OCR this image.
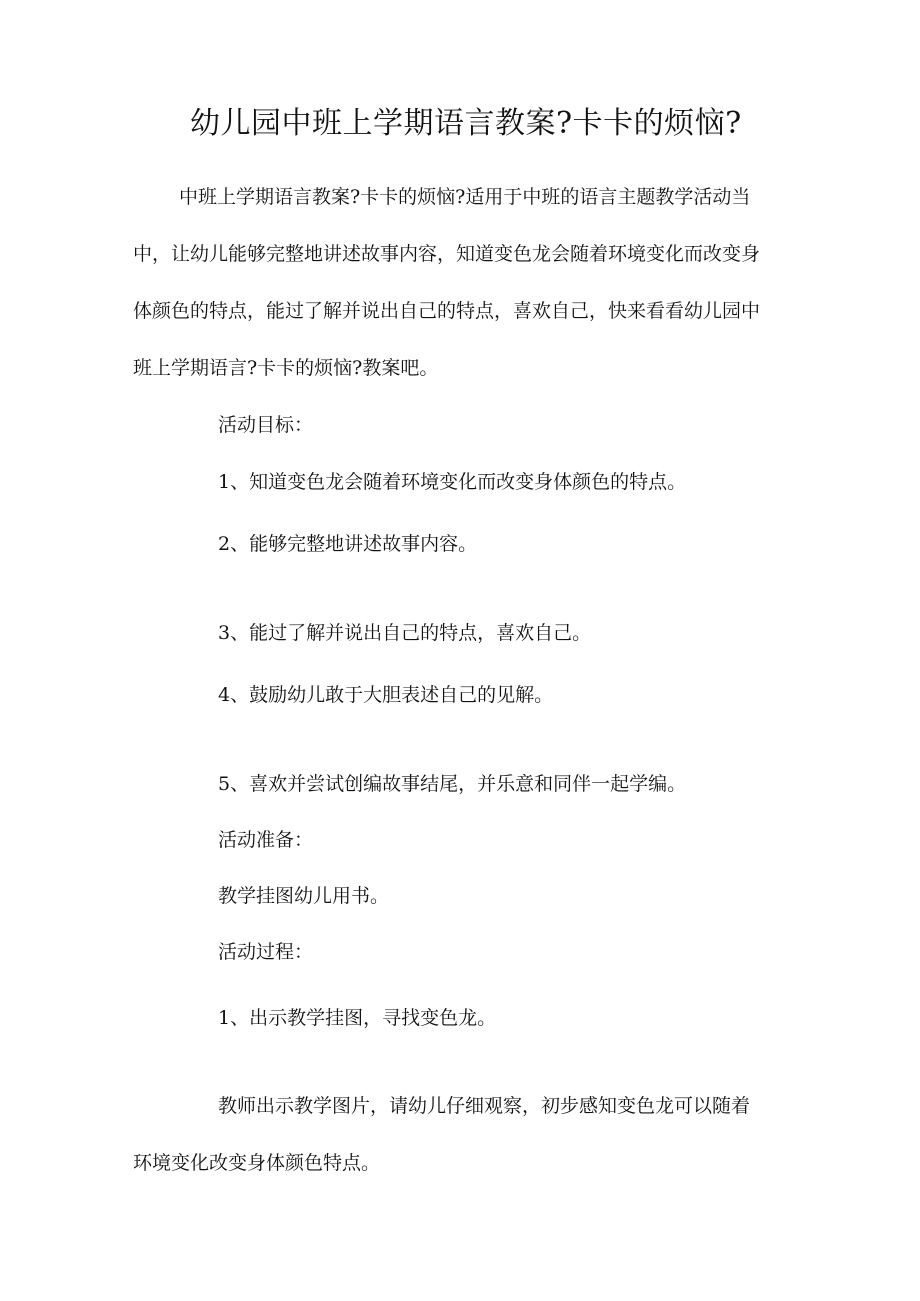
幼儿园中班上学期语言教案?卡卡的烦恼?

中班上学期语言教案?卡卡的烦恼?适用于中班的语言主题教学活动当

中，让幼儿能够完整地讲述故事内容，知道变色龙会随着环境变化而改变身

体颜色的特点，能过了解并说出自己的特点，喜欢自己，快来看看幼儿园中

班上学期语言?卡卡的烦恼?教案吧。

活动目标：

1、知道变色龙会随着环境变化而改变身体颜色的特点。

2、能够完整地讲述故事内容。

3、能过了解并说出自己的特点，喜欢自己。

4、鼓励幼儿敢于大胆表述自己的见解。

5、喜欢并尝试创编故事结尾，并乐意和同伴一起学编。

活动准备：

教学挂图幼儿用书。

活动过程：

1、出示教学挂图，寻找变色龙。

教师出示教学图片，请幼儿仔细观察，初步感知变色龙可以随着

环境变化改变身体颜色特点。
